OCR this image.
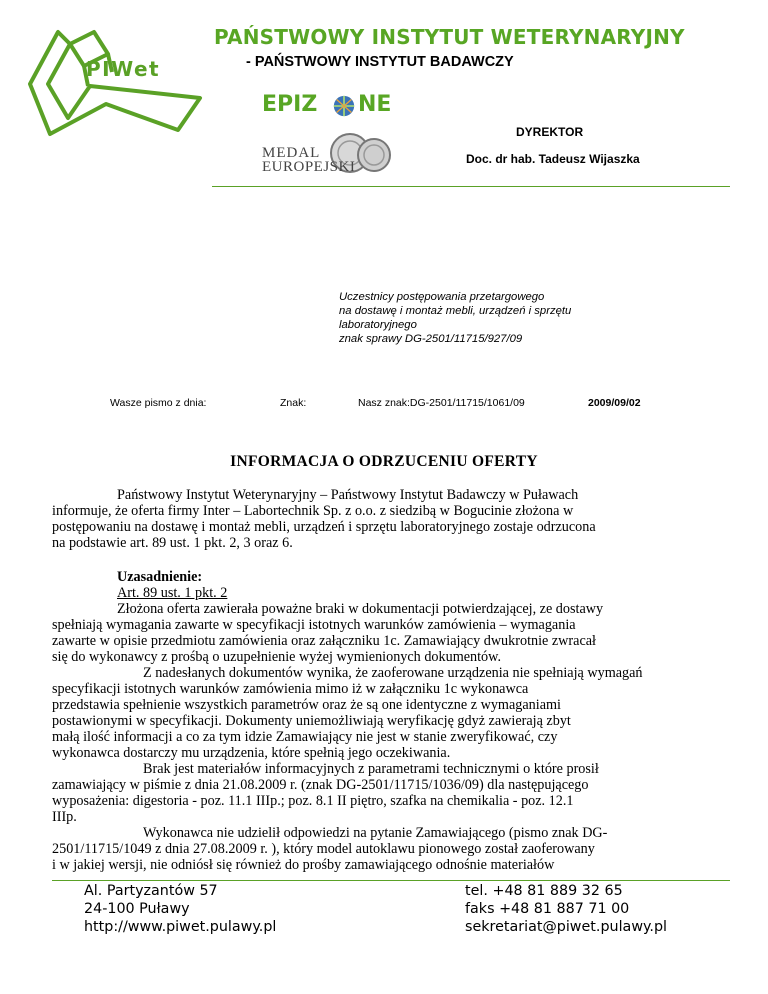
PIWet
PAŃSTWOWY INSTYTUT WETERYNARYJNY
- PAŃSTWOWY INSTYTUT BADAWCZY
EPIZ NE
MEDAL
EUROPEJSKI
DYREKTOR
Doc. dr hab. Tadeusz Wijaszka
Uczestnicy postępowania przetargowego
na dostawę i montaż mebli, urządzeń i sprzętu
laboratoryjnego
znak sprawy DG-2501/11715/927/09
Wasze pismo z dnia:	Znak:	Nasz znak:DG-2501/11715/1061/09	2009/09/02
INFORMACJA O ODRZUCENIU OFERTY
Państwowy Instytut Weterynaryjny – Państwowy Instytut Badawczy w Puławach
informuje, że oferta firmy Inter – Labortechnik Sp. z o.o. z siedzibą w Bogucinie złożona w
postępowaniu na dostawę i montaż mebli, urządzeń i sprzętu laboratoryjnego zostaje odrzucona
na podstawie art. 89 ust. 1 pkt. 2, 3 oraz 6.
Uzasadnienie:
Art. 89 ust. 1 pkt. 2
Złożona oferta zawierała poważne braki w dokumentacji potwierdzającej, ze dostawy
spełniają wymagania zawarte w specyfikacji istotnych warunków zamówienia – wymagania
zawarte w opisie przedmiotu zamówienia oraz załączniku 1c. Zamawiający dwukrotnie zwracał
się do wykonawcy z prośbą o uzupełnienie wyżej wymienionych dokumentów.
Z nadesłanych dokumentów wynika, że zaoferowane urządzenia nie spełniają wymagań
specyfikacji istotnych warunków zamówienia mimo iż w załączniku 1c wykonawca
przedstawia spełnienie wszystkich parametrów oraz że są one identyczne z wymaganiami
postawionymi w specyfikacji. Dokumenty uniemożliwiają weryfikację gdyż zawierają zbyt
małą ilość informacji a co za tym idzie Zamawiający nie jest w stanie zweryfikować, czy
wykonawca dostarczy mu urządzenia, które spełnią jego oczekiwania.
Brak jest materiałów informacyjnych z parametrami technicznymi o które prosił
zamawiający w piśmie z dnia 21.08.2009 r. (znak DG-2501/11715/1036/09) dla następującego
wyposażenia: digestoria - poz. 11.1 IIIp.; poz. 8.1 II piętro, szafka na chemikalia - poz. 12.1
IIIp.
Wykonawca nie udzielił odpowiedzi na pytanie Zamawiającego (pismo znak DG-
2501/11715/1049 z dnia 27.08.2009 r. ), który model autoklawu pionowego został zaoferowany
i w jakiej wersji, nie odniósł się również do prośby zamawiającego odnośnie materiałów
Al. Partyzantów 57
24-100 Puławy
http://www.piwet.pulawy.pl
tel. +48 81 889 32 65
faks +48 81 887 71 00
sekretariat@piwet.pulawy.pl
